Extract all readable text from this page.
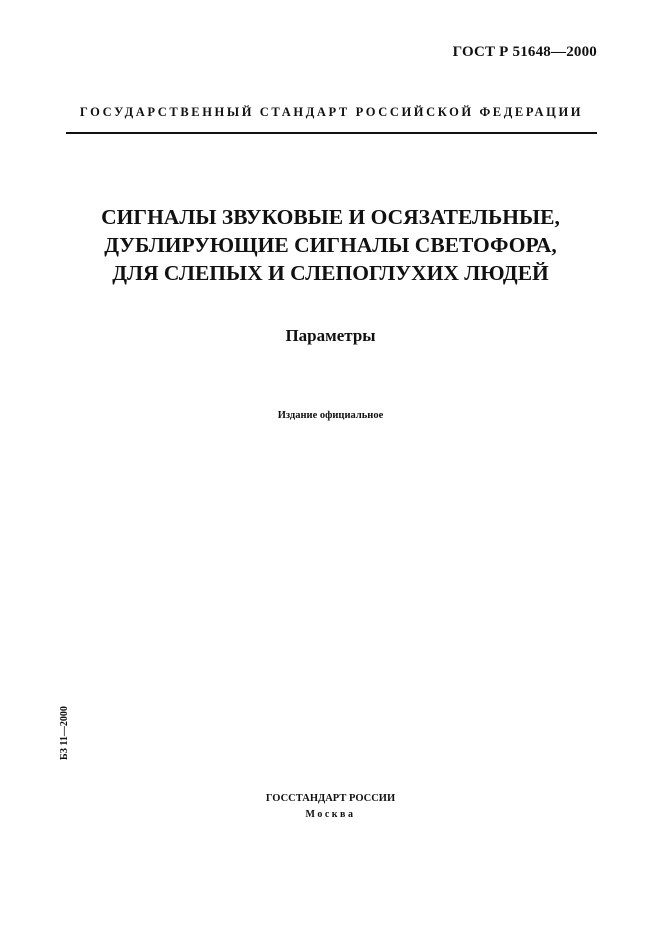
ГОСТ Р 51648—2000
ГОСУДАРСТВЕННЫЙ СТАНДАРТ РОССИЙСКОЙ ФЕДЕРАЦИИ
СИГНАЛЫ ЗВУКОВЫЕ И ОСЯЗАТЕЛЬНЫЕ,
ДУБЛИРУЮЩИЕ СИГНАЛЫ СВЕТОФОРА,
ДЛЯ СЛЕПЫХ И СЛЕПОГЛУХИХ ЛЮДЕЙ
Параметры
Издание официальное
БЗ 11—2000
ГОССТАНДАРТ РОССИИ
Москва
